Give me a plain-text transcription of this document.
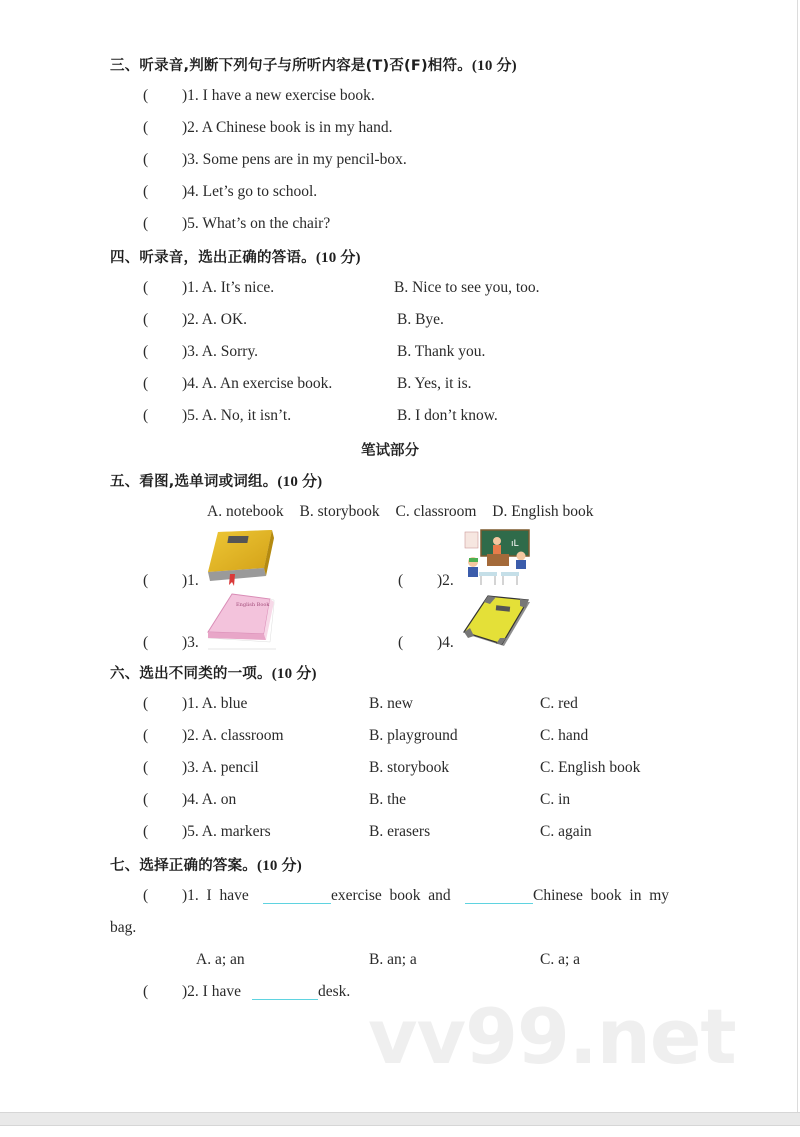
三、听录音,判断下列句子与所听内容是(T)否(F)相符。(10 分)
( )1. I have a new exercise book.
( )2. A Chinese book is in my hand.
( )3. Some pens are in my pencil-box.
( )4. Let’s go to school.
( )5. What’s on the chair?
四、听录音，选出正确的答语。(10 分)
( )1. A. It’s nice.	B. Nice to see you, too.
( )2. A. OK.	B. Bye.
( )3. A. Sorry.	B. Thank you.
( )4. A. An exercise book.	B. Yes, it is.
( )5. A. No, it isn’t.	B. I don’t know.
笔试部分
五、看图,选单词或词组。(10 分)
A. notebook B. storybook C. classroom D. English book
( )1.	( )2.
ıL
( )3.
English Book
( )4.
六、选出不同类的一项。(10 分)
( )1. A. blue	B. new	C. red
( )2. A. classroom	B. playground	C. hand
( )3. A. pencil	B. storybook	C. English book
( )4. A. on	B. the	C. in
( )5. A. markers	B. erasers	C. again
七、选择正确的答案。(10 分)
( )1.  I  have	exercise  book  and	Chinese  book  in  my
bag.
A. a; an	B. an; a	C. a; a
( )2. I have	desk.
vv99.net
